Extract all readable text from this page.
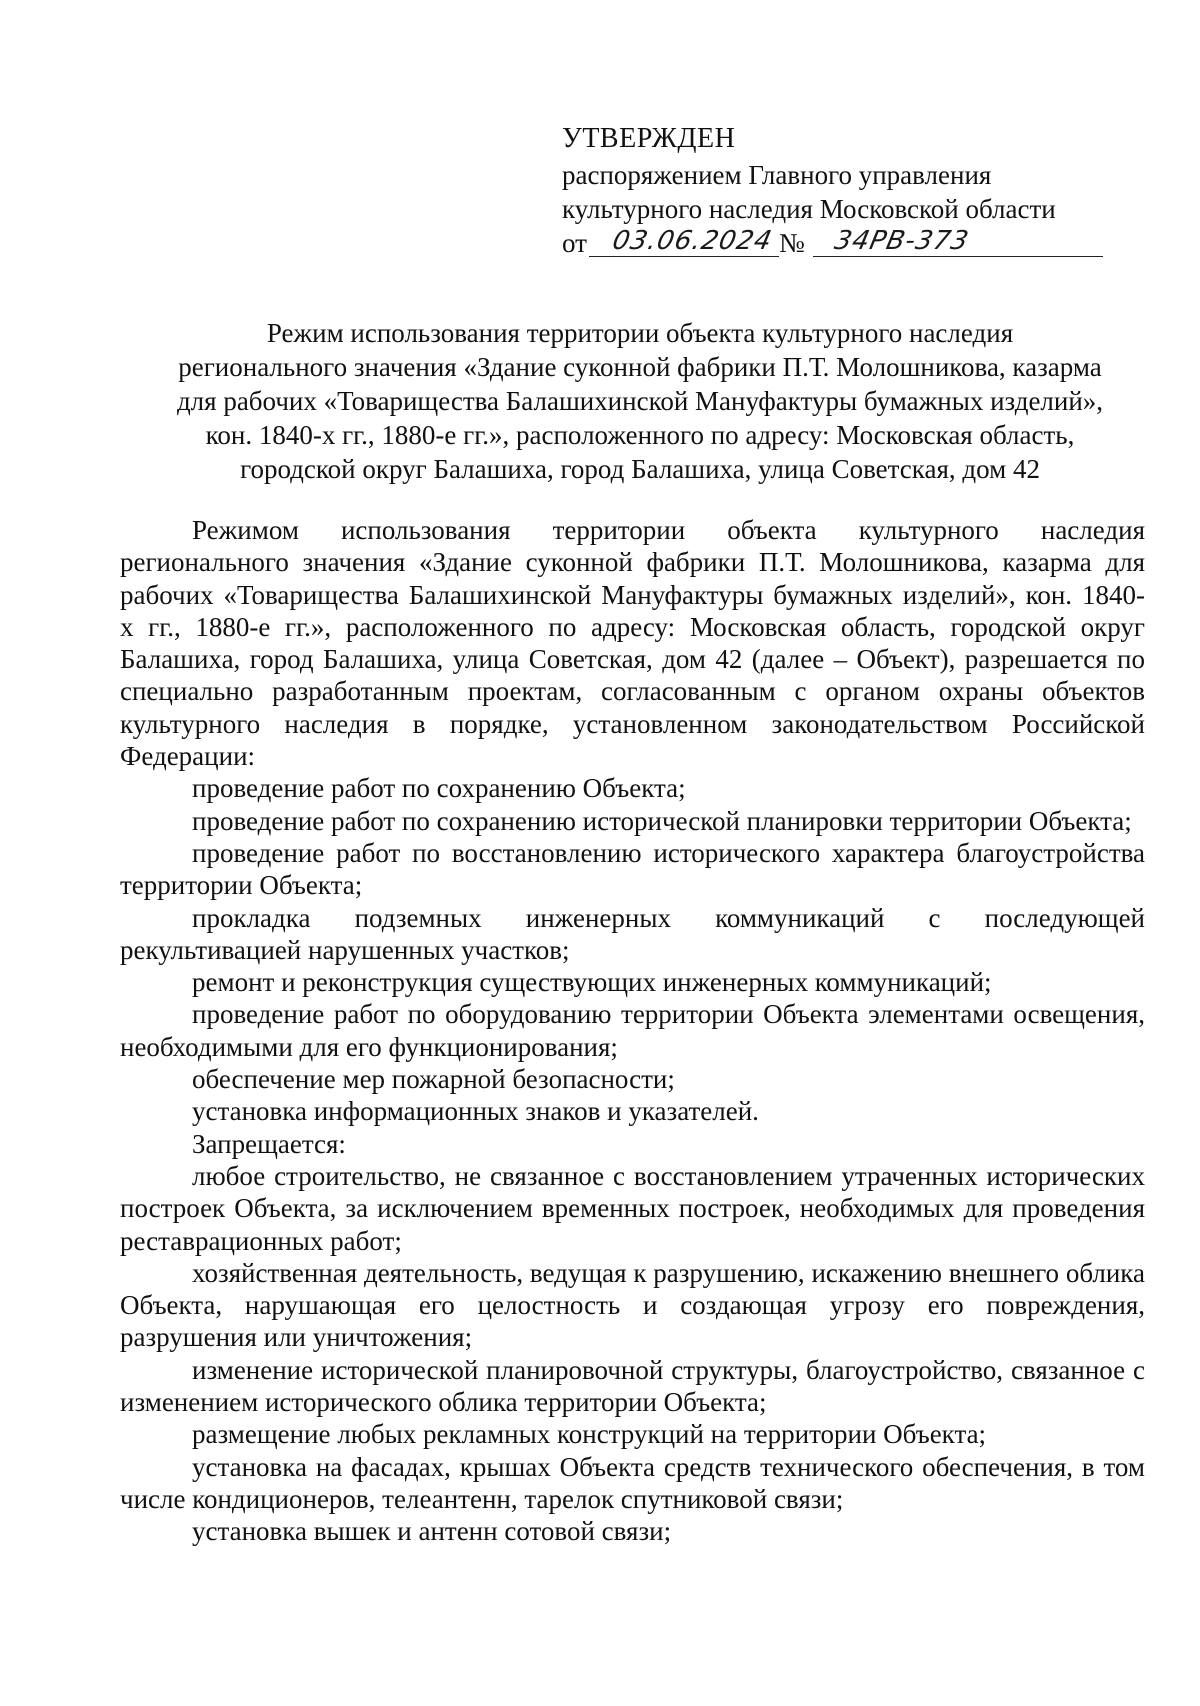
УТВЕРЖДЕН
распоряжением Главного управления
культурного наследия Московской области
от 03.06.2024 № 34РВ-373
Режим использования территории объекта культурного наследия
регионального значения «Здание суконной фабрики П.Т. Молошникова, казарма
для рабочих «Товарищества Балашихинской Мануфактуры бумажных изделий»,
кон. 1840-х гг., 1880-е гг.», расположенного по адресу: Московская область,
городской округ Балашиха, город Балашиха, улица Советская, дом 42

Режимом использования территории объекта культурного наследия регионального значения «Здание суконной фабрики П.Т. Молошникова, казарма для рабочих «Товарищества Балашихинской Мануфактуры бумажных изделий», кон. 1840-х гг., 1880-е гг.», расположенного по адресу: Московская область, городской округ Балашиха, город Балашиха, улица Советская, дом 42 (далее – Объект), разрешается по специально разработанным проектам, согласованным с органом охраны объектов культурного наследия в порядке, установленном законодательством Российской Федерации:

проведение работ по сохранению Объекта;

проведение работ по сохранению исторической планировки территории Объекта;

проведение работ по восстановлению исторического характера благоустройства территории Объекта;

прокладка подземных инженерных коммуникаций с последующей рекультивацией нарушенных участков;

ремонт и реконструкция существующих инженерных коммуникаций;

проведение работ по оборудованию территории Объекта элементами освещения, необходимыми для его функционирования;

обеспечение мер пожарной безопасности;

установка информационных знаков и указателей.

Запрещается:

любое строительство, не связанное с восстановлением утраченных исторических построек Объекта, за исключением временных построек, необходимых для проведения реставрационных работ;

хозяйственная деятельность, ведущая к разрушению, искажению внешнего облика Объекта, нарушающая его целостность и создающая угрозу его повреждения, разрушения или уничтожения;

изменение исторической планировочной структуры, благоустройство, связанное с изменением исторического облика территории Объекта;

размещение любых рекламных конструкций на территории Объекта;

установка на фасадах, крышах Объекта средств технического обеспечения, в том числе кондиционеров, телеантенн, тарелок спутниковой связи;

установка вышек и антенн сотовой связи;
